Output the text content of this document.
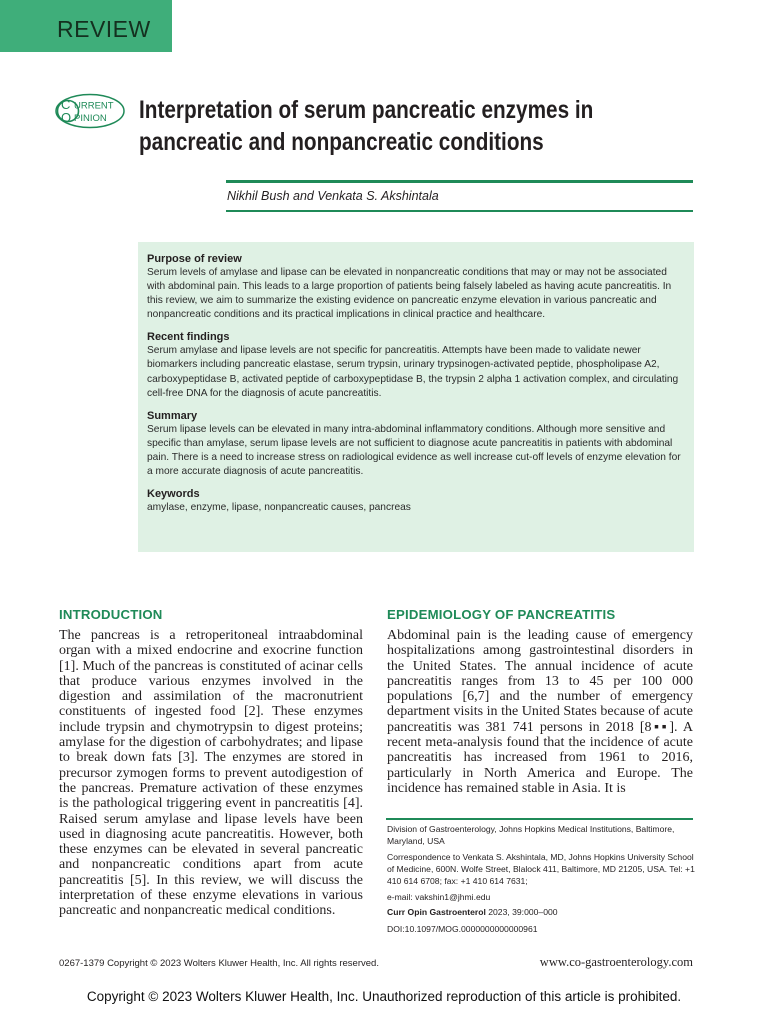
REVIEW
C URRENT
O PINION Interpretation of serum pancreatic enzymes in
pancreatic and nonpancreatic conditions
Nikhil Bush and Venkata S. Akshintala
Purpose of review
Serum levels of amylase and lipase can be elevated in nonpancreatic conditions that may or may not be associated with abdominal pain. This leads to a large proportion of patients being falsely labeled as having acute pancreatitis. In this review, we aim to summarize the existing evidence on pancreatic enzyme elevation in various pancreatic and nonpancreatic conditions and its practical implications in clinical practice and healthcare.
Recent findings
Serum amylase and lipase levels are not specific for pancreatitis. Attempts have been made to validate newer biomarkers including pancreatic elastase, serum trypsin, urinary trypsinogen-activated peptide, phospholipase A2, carboxypeptidase B, activated peptide of carboxypeptidase B, the trypsin 2 alpha 1 activation complex, and circulating cell-free DNA for the diagnosis of acute pancreatitis.
Summary
Serum lipase levels can be elevated in many intra-abdominal inflammatory conditions. Although more sensitive and specific than amylase, serum lipase levels are not sufficient to diagnose acute pancreatitis in patients with abdominal pain. There is a need to increase stress on radiological evidence as well increase cut-off levels of enzyme elevation for a more accurate diagnosis of acute pancreatitis.
Keywords
amylase, enzyme, lipase, nonpancreatic causes, pancreas
INTRODUCTION
The pancreas is a retroperitoneal intraabdominal organ with a mixed endocrine and exocrine function [1]. Much of the pancreas is constituted of acinar cells that produce various enzymes involved in the digestion and assimilation of the macronutrient constituents of ingested food [2]. These enzymes include trypsin and chymotrypsin to digest proteins; amylase for the digestion of carbohydrates; and lipase to break down fats [3]. The enzymes are stored in precursor zymogen forms to prevent autodigestion of the pancreas. Premature activation of these enzymes is the pathological triggering event in pancreatitis [4]. Raised serum amylase and lipase levels have been used in diagnosing acute pancreatitis. However, both these enzymes can be elevated in several pancreatic and nonpancreatic conditions apart from acute pancreatitis [5]. In this review, we will discuss the interpretation of these enzyme elevations in various pancreatic and nonpancreatic medical conditions.
EPIDEMIOLOGY OF PANCREATITIS
Abdominal pain is the leading cause of emergency hospitalizations among gastrointestinal disorders in the United States. The annual incidence of acute pancreatitis ranges from 13 to 45 per 100 000 populations [6,7] and the number of emergency department visits in the United States because of acute pancreatitis was 381 741 persons in 2018 [8▪▪]. A recent meta-analysis found that the incidence of acute pancreatitis has increased from 1961 to 2016, particularly in North America and Europe. The incidence has remained stable in Asia. It is
Division of Gastroenterology, Johns Hopkins Medical Institutions, Baltimore, Maryland, USA
Correspondence to Venkata S. Akshintala, MD, Johns Hopkins University School of Medicine, 600N. Wolfe Street, Blalock 411, Baltimore, MD 21205, USA. Tel: +1 410 614 6708; fax: +1 410 614 7631;
e-mail: vakshin1@jhmi.edu
Curr Opin Gastroenterol 2023, 39:000–000
DOI:10.1097/MOG.0000000000000961
0267-1379 Copyright © 2023 Wolters Kluwer Health, Inc. All rights reserved.	www.co-gastroenterology.com
Copyright © 2023 Wolters Kluwer Health, Inc. Unauthorized reproduction of this article is prohibited.
